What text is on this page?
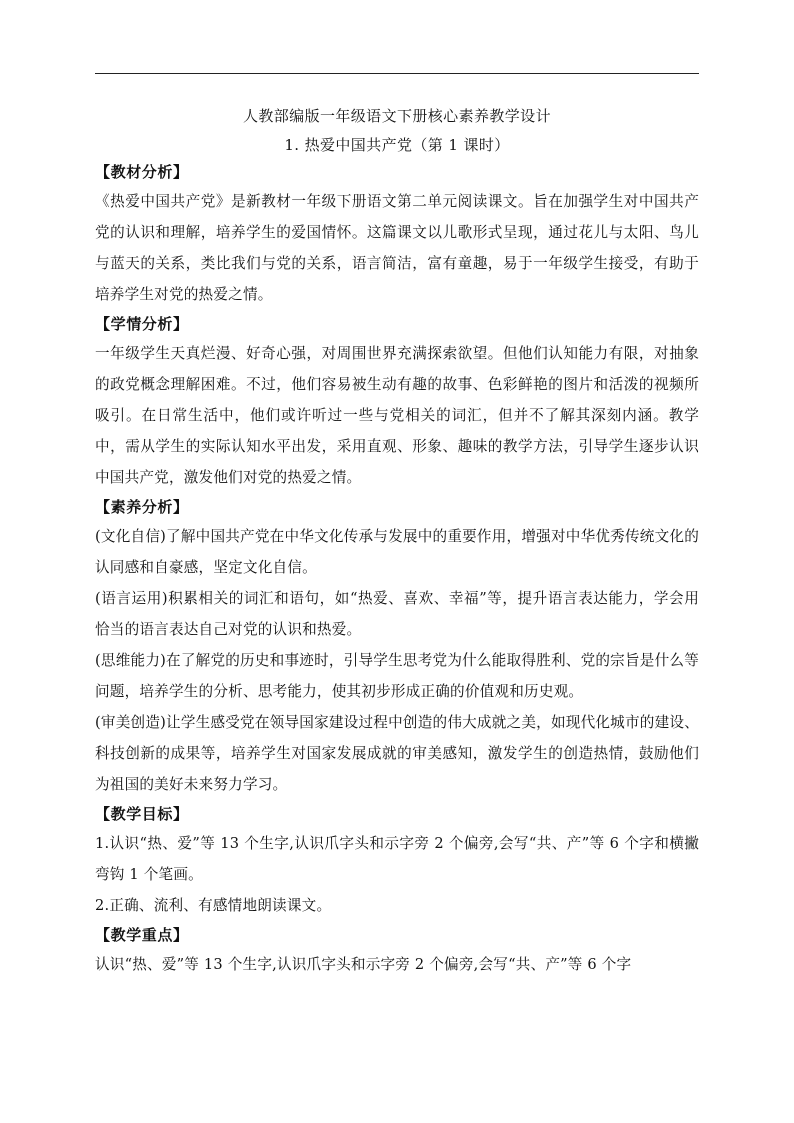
人教部编版一年级语文下册核心素养教学设计
1. 热爱中国共产党（第 1 课时）
【教材分析】

《热爱中国共产党》是新教材一年级下册语文第二单元阅读课文。旨在加强学生对中国共产党的认识和理解，培养学生的爱国情怀。这篇课文以儿歌形式呈现，通过花儿与太阳、鸟儿与蓝天的关系，类比我们与党的关系，语言简洁，富有童趣，易于一年级学生接受，有助于培养学生对党的热爱之情。

【学情分析】

一年级学生天真烂漫、好奇心强，对周围世界充满探索欲望。但他们认知能力有限，对抽象的政党概念理解困难。不过，他们容易被生动有趣的故事、色彩鲜艳的图片和活泼的视频所吸引。在日常生活中，他们或许听过一些与党相关的词汇，但并不了解其深刻内涵。教学中，需从学生的实际认知水平出发，采用直观、形象、趣味的教学方法，引导学生逐步认识中国共产党，激发他们对党的热爱之情。

【素养分析】

(文化自信)了解中国共产党在中华文化传承与发展中的重要作用，增强对中华优秀传统文化的认同感和自豪感，坚定文化自信。

(语言运用)积累相关的词汇和语句，如“热爱、喜欢、幸福”等，提升语言表达能力，学会用恰当的语言表达自己对党的认识和热爱。

(思维能力)在了解党的历史和事迹时，引导学生思考党为什么能取得胜利、党的宗旨是什么等问题，培养学生的分析、思考能力，使其初步形成正确的价值观和历史观。

(审美创造)让学生感受党在领导国家建设过程中创造的伟大成就之美，如现代化城市的建设、科技创新的成果等，培养学生对国家发展成就的审美感知，激发学生的创造热情，鼓励他们为祖国的美好未来努力学习。

【教学目标】

1.认识“热、爱”等 13 个生字,认识爪字头和示字旁 2 个偏旁,会写“共、产”等 6 个字和横撇弯钩 1 个笔画。

2.正确、流利、有感情地朗读课文。

【教学重点】

认识“热、爱”等 13 个生字,认识爪字头和示字旁 2 个偏旁,会写“共、产”等 6 个字
